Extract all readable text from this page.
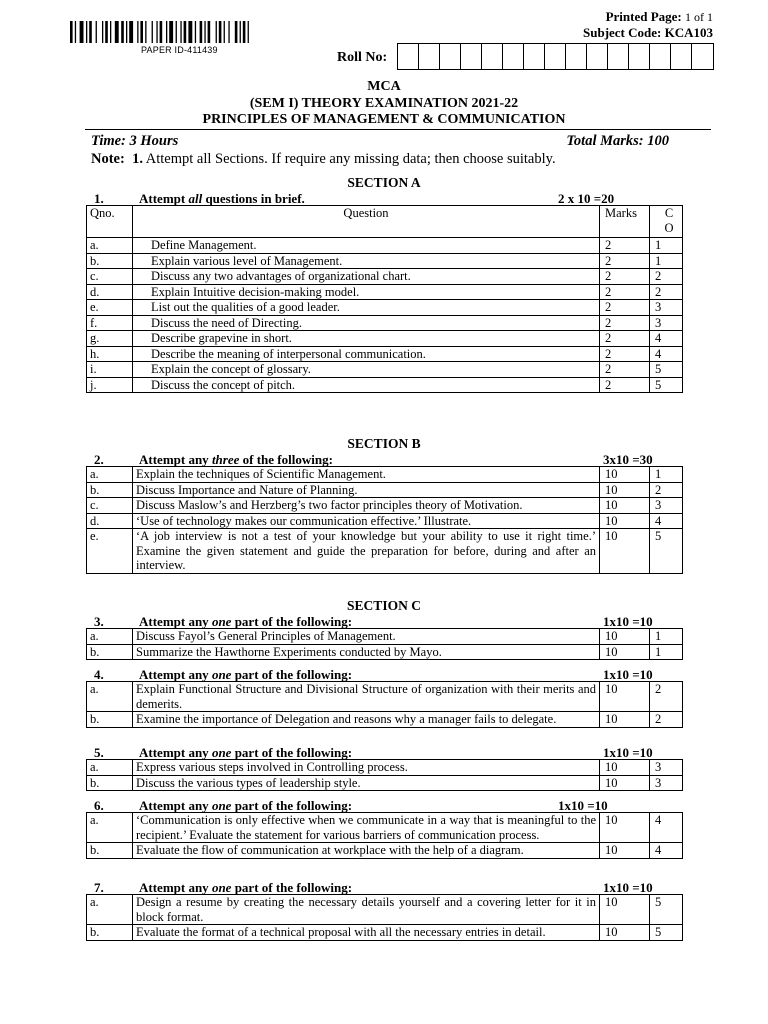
PAPER ID-411439
Printed Page: 1 of 1
Subject Code: KCA103
Roll No:
MCA
(SEM I) THEORY EXAMINATION 2021-22
PRINCIPLES OF MANAGEMENT & COMMUNICATION
Time: 3 Hours	Total Marks: 100
Note: 1. Attempt all Sections. If require any missing data; then choose suitably.
SECTION A
1.	Attempt all questions in brief.	2 x 10 =20
Qno.	Question	Marks	C O
a.	Define Management.	2	1
b.	Explain various level of Management.	2	1
c.	Discuss any two advantages of organizational chart.	2	2
d.	Explain Intuitive decision-making model.	2	2
e.	List out the qualities of a good leader.	2	3
f.	Discuss the need of Directing.	2	3
g.	Describe grapevine in short.	2	4
h.	Describe the meaning of interpersonal communication.	2	4
i.	Explain the concept of glossary.	2	5
j.	Discuss the concept of pitch.	2	5
SECTION B
2.	Attempt any three of the following:	3x10 =30
a.	Explain the techniques of Scientific Management.	10	1
b.	Discuss Importance and Nature of Planning.	10	2
c.	Discuss Maslow’s and Herzberg’s two factor principles theory of Motivation.	10	3
d.	‘Use of technology makes our communication effective.’ Illustrate.	10	4
e.	‘A job interview is not a test of your knowledge but your ability to use it right time.’ Examine the given statement and guide the preparation for before, during and after an interview.	10	5
SECTION C
3.	Attempt any one part of the following:	1x10 =10
a.	Discuss Fayol’s General Principles of Management.	10	1
b.	Summarize the Hawthorne Experiments conducted by Mayo.	10	1
4.	Attempt any one part of the following:	1x10 =10
a.	Explain Functional Structure and Divisional Structure of organization with their merits and demerits.	10	2
b.	Examine the importance of Delegation and reasons why a manager fails to delegate.	10	2
5.	Attempt any one part of the following:	1x10 =10
a.	Express various steps involved in Controlling process.	10	3
b.	Discuss the various types of leadership style.	10	3
6.	Attempt any one part of the following:	1x10 =10
a.	‘Communication is only effective when we communicate in a way that is meaningful to the recipient.’ Evaluate the statement for various barriers of communication process.	10	4
b.	Evaluate the flow of communication at workplace with the help of a diagram.	10	4
7.	Attempt any one part of the following:	1x10 =10
a.	Design a resume by creating the necessary details yourself and a covering letter for it in block format.	10	5
b.	Evaluate the format of a technical proposal with all the necessary entries in detail.	10	5
